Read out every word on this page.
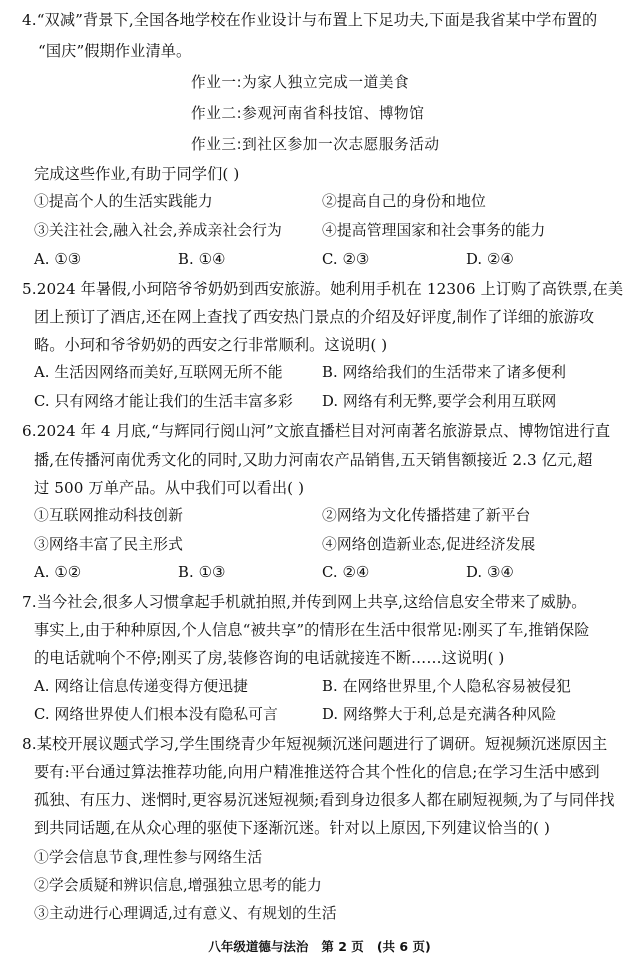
4.“双减”背景下,全国各地学校在作业设计与布置上下足功夫,下面是我省某中学布置的
“国庆”假期作业清单。
作业一:为家人独立完成一道美食
作业二:参观河南省科技馆、博物馆
作业三:到社区参加一次志愿服务活动
完成这些作业,有助于同学们( )
①提高个人的生活实践能力	②提高自己的身份和地位
③关注社会,融入社会,养成亲社会行为	④提高管理国家和社会事务的能力
A. ①③	B. ①④	C. ②③	D. ②④
5.2024 年暑假,小珂陪爷爷奶奶到西安旅游。她利用手机在 12306 上订购了高铁票,在美
团上预订了酒店,还在网上查找了西安热门景点的介绍及好评度,制作了详细的旅游攻
略。小珂和爷爷奶奶的西安之行非常顺利。这说明( )
A. 生活因网络而美好,互联网无所不能	B. 网络给我们的生活带来了诸多便利
C. 只有网络才能让我们的生活丰富多彩 D. 网络有利无弊,要学会利用互联网
6.2024 年 4 月底,“与辉同行阅山河”文旅直播栏目对河南著名旅游景点、博物馆进行直
播,在传播河南优秀文化的同时,又助力河南农产品销售,五天销售额接近 2.3 亿元,超
过 500 万单产品。从中我们可以看出( )
①互联网推动科技创新	②网络为文化传播搭建了新平台
③网络丰富了民主形式	④网络创造新业态,促进经济发展
A. ①②	B. ①③	C. ②④	D. ③④
7.当今社会,很多人习惯拿起手机就拍照,并传到网上共享,这给信息安全带来了威胁。
事实上,由于种种原因,个人信息“被共享”的情形在生活中很常见:刚买了车,推销保险
的电话就响个不停;刚买了房,装修咨询的电话就接连不断……这说明( )
A. 网络让信息传递变得方便迅捷	B. 在网络世界里,个人隐私容易被侵犯
C. 网络世界使人们根本没有隐私可言	D. 网络弊大于利,总是充满各种风险
8.某校开展议题式学习,学生围绕青少年短视频沉迷问题进行了调研。短视频沉迷原因主
要有:平台通过算法推荐功能,向用户精准推送符合其个性化的信息;在学习生活中感到
孤独、有压力、迷惘时,更容易沉迷短视频;看到身边很多人都在刷短视频,为了与同伴找
到共同话题,在从众心理的驱使下逐渐沉迷。针对以上原因,下列建议恰当的( )
①学会信息节食,理性参与网络生活
②学会质疑和辨识信息,增强独立思考的能力
③主动进行心理调适,过有意义、有规划的生活
八年级道德与法治   第 2 页   (共 6 页)
